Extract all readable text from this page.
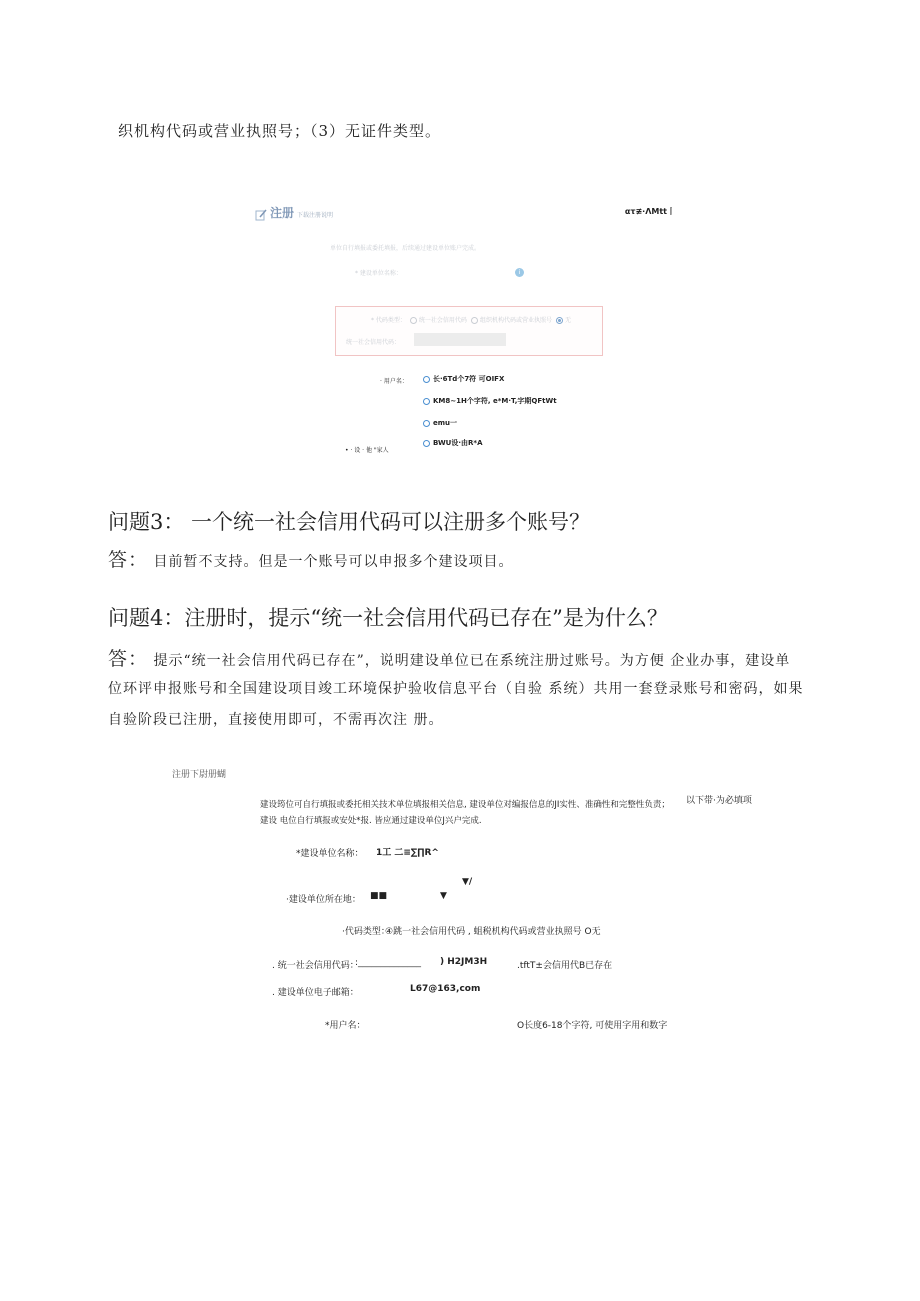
织机构代码或营业执照号；（3）无证件类型。
注册 下载注册说明	ατ≢·ΛMtt丨
单位自行填报或委托填报，后续通过建设单位账户完成。
* 建设单位名称：	i
* 代码类型：	统一社会信用代码	组织机构代码或营业执照号	无
统一社会信用代码：
· 用户名：	长·6Td个7符 可OIFX
KM8~1H个字符, e*M·T,字期QFtWt
emu一
BWU设·由R*A
• · 设 · 他 "家人
问题3： 一个统一社会信用代码可以注册多个账号？
答： 目前暂不支持。但是一个账号可以申报多个建设项目。
问题4：注册时，提示“统一社会信用代码已存在”是为什么？
答： 提示“统一社会信用代码已存在”，说明建设单位已在系统注册过账号。为方便 企业办事，建设单
位环评申报账号和全国建设项目竣工环境保护验收信息平台（自验 系统）共用一套登录账号和密码，如果
自验阶段已注册，直接使用即可，不需再次注 册。
注册下尉册蝴
以下带·为必填项
建设筠位可自行填报或委托相关技术单位填报相关信息, 建设单位对编报信息的JI实性、准确性和完整性负责；
建设 电位自行填报或安处*报. 皆应通过建设单位J兴户完成.
*建设单位名称： 1工 二≡∑∏R^
▼/
·建设单位所在地： ■■	▼
·代码类型：
④跳一社会信用代码 , 蛆税机构代码或营业执照号 O无
. 统一社会信用代码：
:______________ ) H2JM3H	.tftT±会信用代B已存在
. 建设单位电子邮箱：	L67@163,com
*用户名：	O长度6-18个字符, 可使用字用和数字
